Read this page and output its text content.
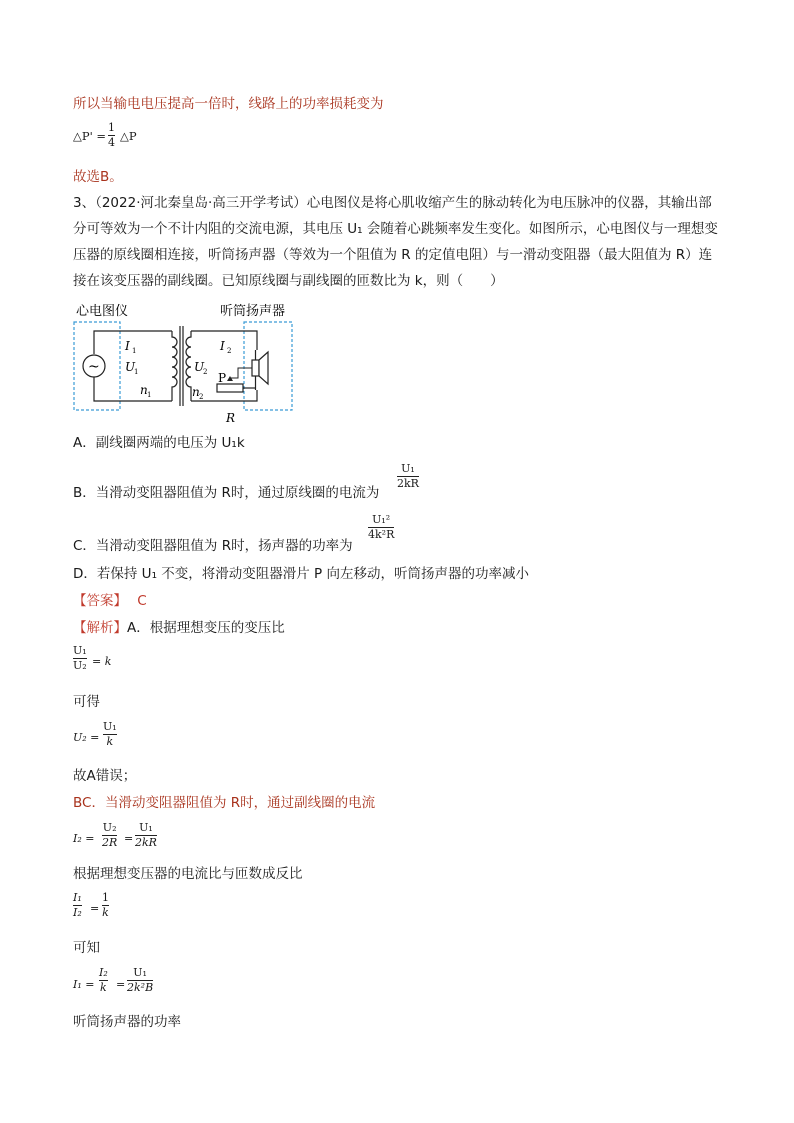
所以当输电电压提高一倍时，线路上的功率损耗变为
△P' =
1
4 △P
故选B。
3、（2022·河北秦皇岛·高三开学考试）心电图仪是将心肌收缩产生的脉动转化为电压脉冲的仪器，其输出部分可等效为一个不计内阻的交流电源，其电压 U₁ 会随着心跳频率发生变化。如图所示，心电图仪与一理想变压器的原线圈相连接，听筒扬声器（等效为一个阻值为 R 的定值电阻）与一滑动变阻器（最大阻值为 R）连接在该变压器的副线圈。已知原线圈与副线圈的匝数比为 k，则（　　）
心电图仪	听筒扬声器
~
I 1
U
1
n 1
U
2
n 2
I 2
P
R
A．副线圈两端的电压为 U₁k
B．当滑动变阻器阻值为 R时，通过原线圈的电流为
U₁
2kR
C．当滑动变阻器阻值为 R时，扬声器的功率为
U₁²
4k²R
D．若保持 U₁ 不变，将滑动变阻器滑片 P 向左移动，听筒扬声器的功率减小
【答案】 C
【解析】A．根据理想变压的变压比
U₁
U₂ = k
可得
U₂ =
U₁
k
故A错误；
BC．当滑动变阻器阻值为 R时，通过副线圈的电流
I₂ =
U₂
2R =
U₁
2kR
根据理想变压器的电流比与匝数成反比
I₁
I₂ =
1
k
可知
I₁ =
I₂
k =
U₁
2k²B
听筒扬声器的功率
